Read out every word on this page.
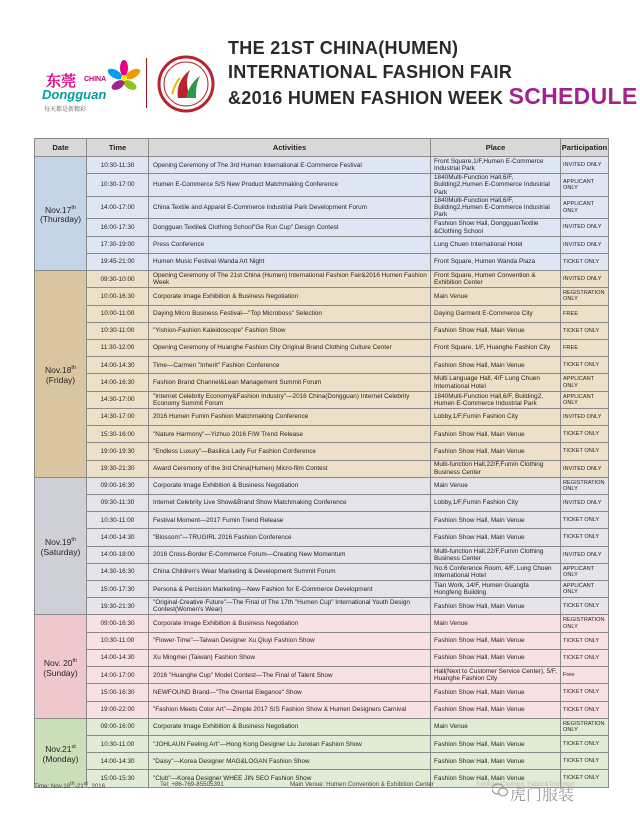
东莞 CHINA
Dongguan
每天都是新精彩
THE 21ST CHINA(HUMEN)
INTERNATIONAL FASHION FAIR
&2016 HUMEN FASHION WEEK SCHEDULE
Date	Time	Activities	Place	Participation
Nov.17th
(Thursday)	10:30-11:30	Opening Ceremony of The 3rd Humen International E-Commerce Festival	Front Square,1/F,Humen E-Commerce Industrial Park	INVITED ONLY
	10:30-17:00	Humen E-Commerce S/S New Product Matchmaking Conference	1840Multi-Function Hall,6/F, Building2,Humen E-Commerce Industrial Park	APPLICANT ONLY
	14:00-17:00	China Textile and Apparel E-Commerce Industrial Park Development Forum	1840Multi-Function Hall,6/F, Building2,Humen E-Commerce Industrial Park	APPLICANT ONLY
	16:00-17:30	Dongguan Textile& Clothing School"Ge Run Cup" Design Contest	Fashion Show Hall, DongguanTextile &Clothing School	INVITED ONLY
	17:30-19:00	Press Conference	Lung Chuen International Hotel	INVITED ONLY
	19:45-21:00	Humen Music Festival·Wanda Art Night	Front Square, Humen Wanda Plaza	TICKET ONLY
Nov.18th
(Friday)	09:30-10:00	Opening Ceremony of The 21st China (Humen) International Fashion Fair&2016 Humen Fashion Week	Front Square, Humen Convention & Exhibition Center	INVITED ONLY
	10:00-16:30	Corporate Image Exhibition & Business Negotiation	Main Venue	REGISTRATION ONLY
	10:00-11:00	Daying Micro Business Festival—"Top Microboss" Selection	Daying Garment E-Commerce City	FREE
	10:30-11:00	"Yishion-Fashion Kaleidoscope" Fashion Show	Fashion Show Hall, Main Venue	TICKET ONLY
	11:30-12:00	Opening Ceremony of Huanghe Fashion City Original Brand Clothing Culture Center	Front Square, 1/F, Huanghe Fashion City	FREE
	14:00-14:30	Time—Carmen "Inherit" Fashion Conference	Fashion Show Hall, Main Venue	TICKET ONLY
	14:00-16:30	Fashion Brand Channel&Lean Management Summit Forum	Multi Language Hall, 4/F Lung Chuen International Hotel	APPLICANT ONLY
	14:30-17:00	"Internet Celebrity Economy&Fashion Industry"—2016 China(Dongguan) Internet Celebrity Economy Summit Forum	1840Multi-Function Hall,6/F, Building2, Humen E-Commerce Industrial Park	APPLICANT ONLY
	14:30-17:00	2016 Humen Fumin Fashion Matchmaking Conference	Lobby,1/F,Fumin Fashion City	INVITED ONLY
	15:30-16:00	"Nature Harmony"—Yizhuo 2016 F/W Trend Release	Fashion Show Hall, Main Venue	TICKET ONLY
	19:00-19:30	"Endless Luxury"—Basilica Lady Fur Fashion Conference	Fashion Show Hall, Main Venue	TICKET ONLY
	19:30-21:30	Award Ceremony of the 3rd China(Humen) Micro-film Contest	Multi-function Hall,22/F,Fumin Clothing Business Center	INVITED ONLY
Nov.19th
(Saturday)	09:00-16:30	Corporate Image Exhibition & Business Negotiation	Main Venue	REGISTRATION ONLY
	09:30-11:30	Internet Celebrity Live Show&Brand Show Matchmaking Conference	Lobby,1/F,Fumin Fashion City	INVITED ONLY
	10:30-11:00	Festival Moment—2017 Fumin Trend Release	Fashion Show Hall, Main Venue	TICKET ONLY
	14:00-14:30	"Blossom"—TRUGIRL 2016 Fashion Conference	Fashion Show Hall, Main Venue	TICKET ONLY
	14:00-18:00	2016 Cross-Border E-Commerce Forum—Creating New Momentum	Multi-function Hall,22/F,Fumin Clothing Business Center	INVITED ONLY
	14:30-16:30	China Children's Wear Marketing & Development Summit Forum	No.6 Conference Room, 4/F, Lung Chuen International Hotel	APPLICANT ONLY
	15:00-17:30	Persona & Percision Marketing—New Fashion for E-Commerce Development	Tian Work, 14/F, Humen Guangfa Hongfeng Building	APPLICANT ONLY
	19:30-21:30	"Original·Creative·Future"—The Final of The 17th "Humen Cup" International Youth Design Contest(Women's Wear)	Fashion Show Hall, Main Venue	TICKET ONLY
Nov. 20th
(Sunday)	09:00-16:30	Corporate Image Exhibition & Business Negotiation	Main Venue	REGISTRATION ONLY
	10:30-11:00	"Flower·Time"—Taiwan Designer Xu Qiuyi Fashion Show	Fashion Show Hall, Main Venue	TICKET ONLY
	14:00-14:30	Xu Mingmei (Taiwan) Fashion Show	Fashion Show Hall, Main Venue	TICKET ONLY
	14:00-17:00	2016 "Huanghe Cup" Model Contest—The Final of Talent Show	Hall(Next to Customer Service Center), 5/F, Huanghe Fashion City	Free
	15:00-16:30	NEWFOUND Brand—"The Onental Elegance" Show	Fashion Show Hall, Main Venue	TICKET ONLY
	19:00-22:00	"Fashion Meets Color Art"—Zimple 2017 S/S Fashion Show & Humen Designers Carnival	Fashion Show Hall, Main Venue	TICKET ONLY
Nov.21st
(Monday)	09:00-16:00	Corporate Image Exhibition & Business Negotiation	Main Venue	REGISTRATION ONLY
	10:30-11:00	"JOHLAUN Feeling Art"—Hong Kong Designer Liu Junxian Fashion Show	Fashion Show Hall, Main Venue	TICKET ONLY
	14:00-14:30	"Daisy"—Korea Designer MAG&LOGAN Fashion Show	Fashion Show Hall, Main Venue	TICKET ONLY
	15:00-15:30	"Club"—Korea Designer WHEE JIN SEO Fashion Show	Fashion Show Hall, Main Venue	TICKET ONLY
Time: Nov.18th-21st, 2016	Tel: +86-769-85505391	Main Venue: Humen Convention & Exhibition Center	Exhibits: Clothing, Fabric&Trimming
虎门服装
